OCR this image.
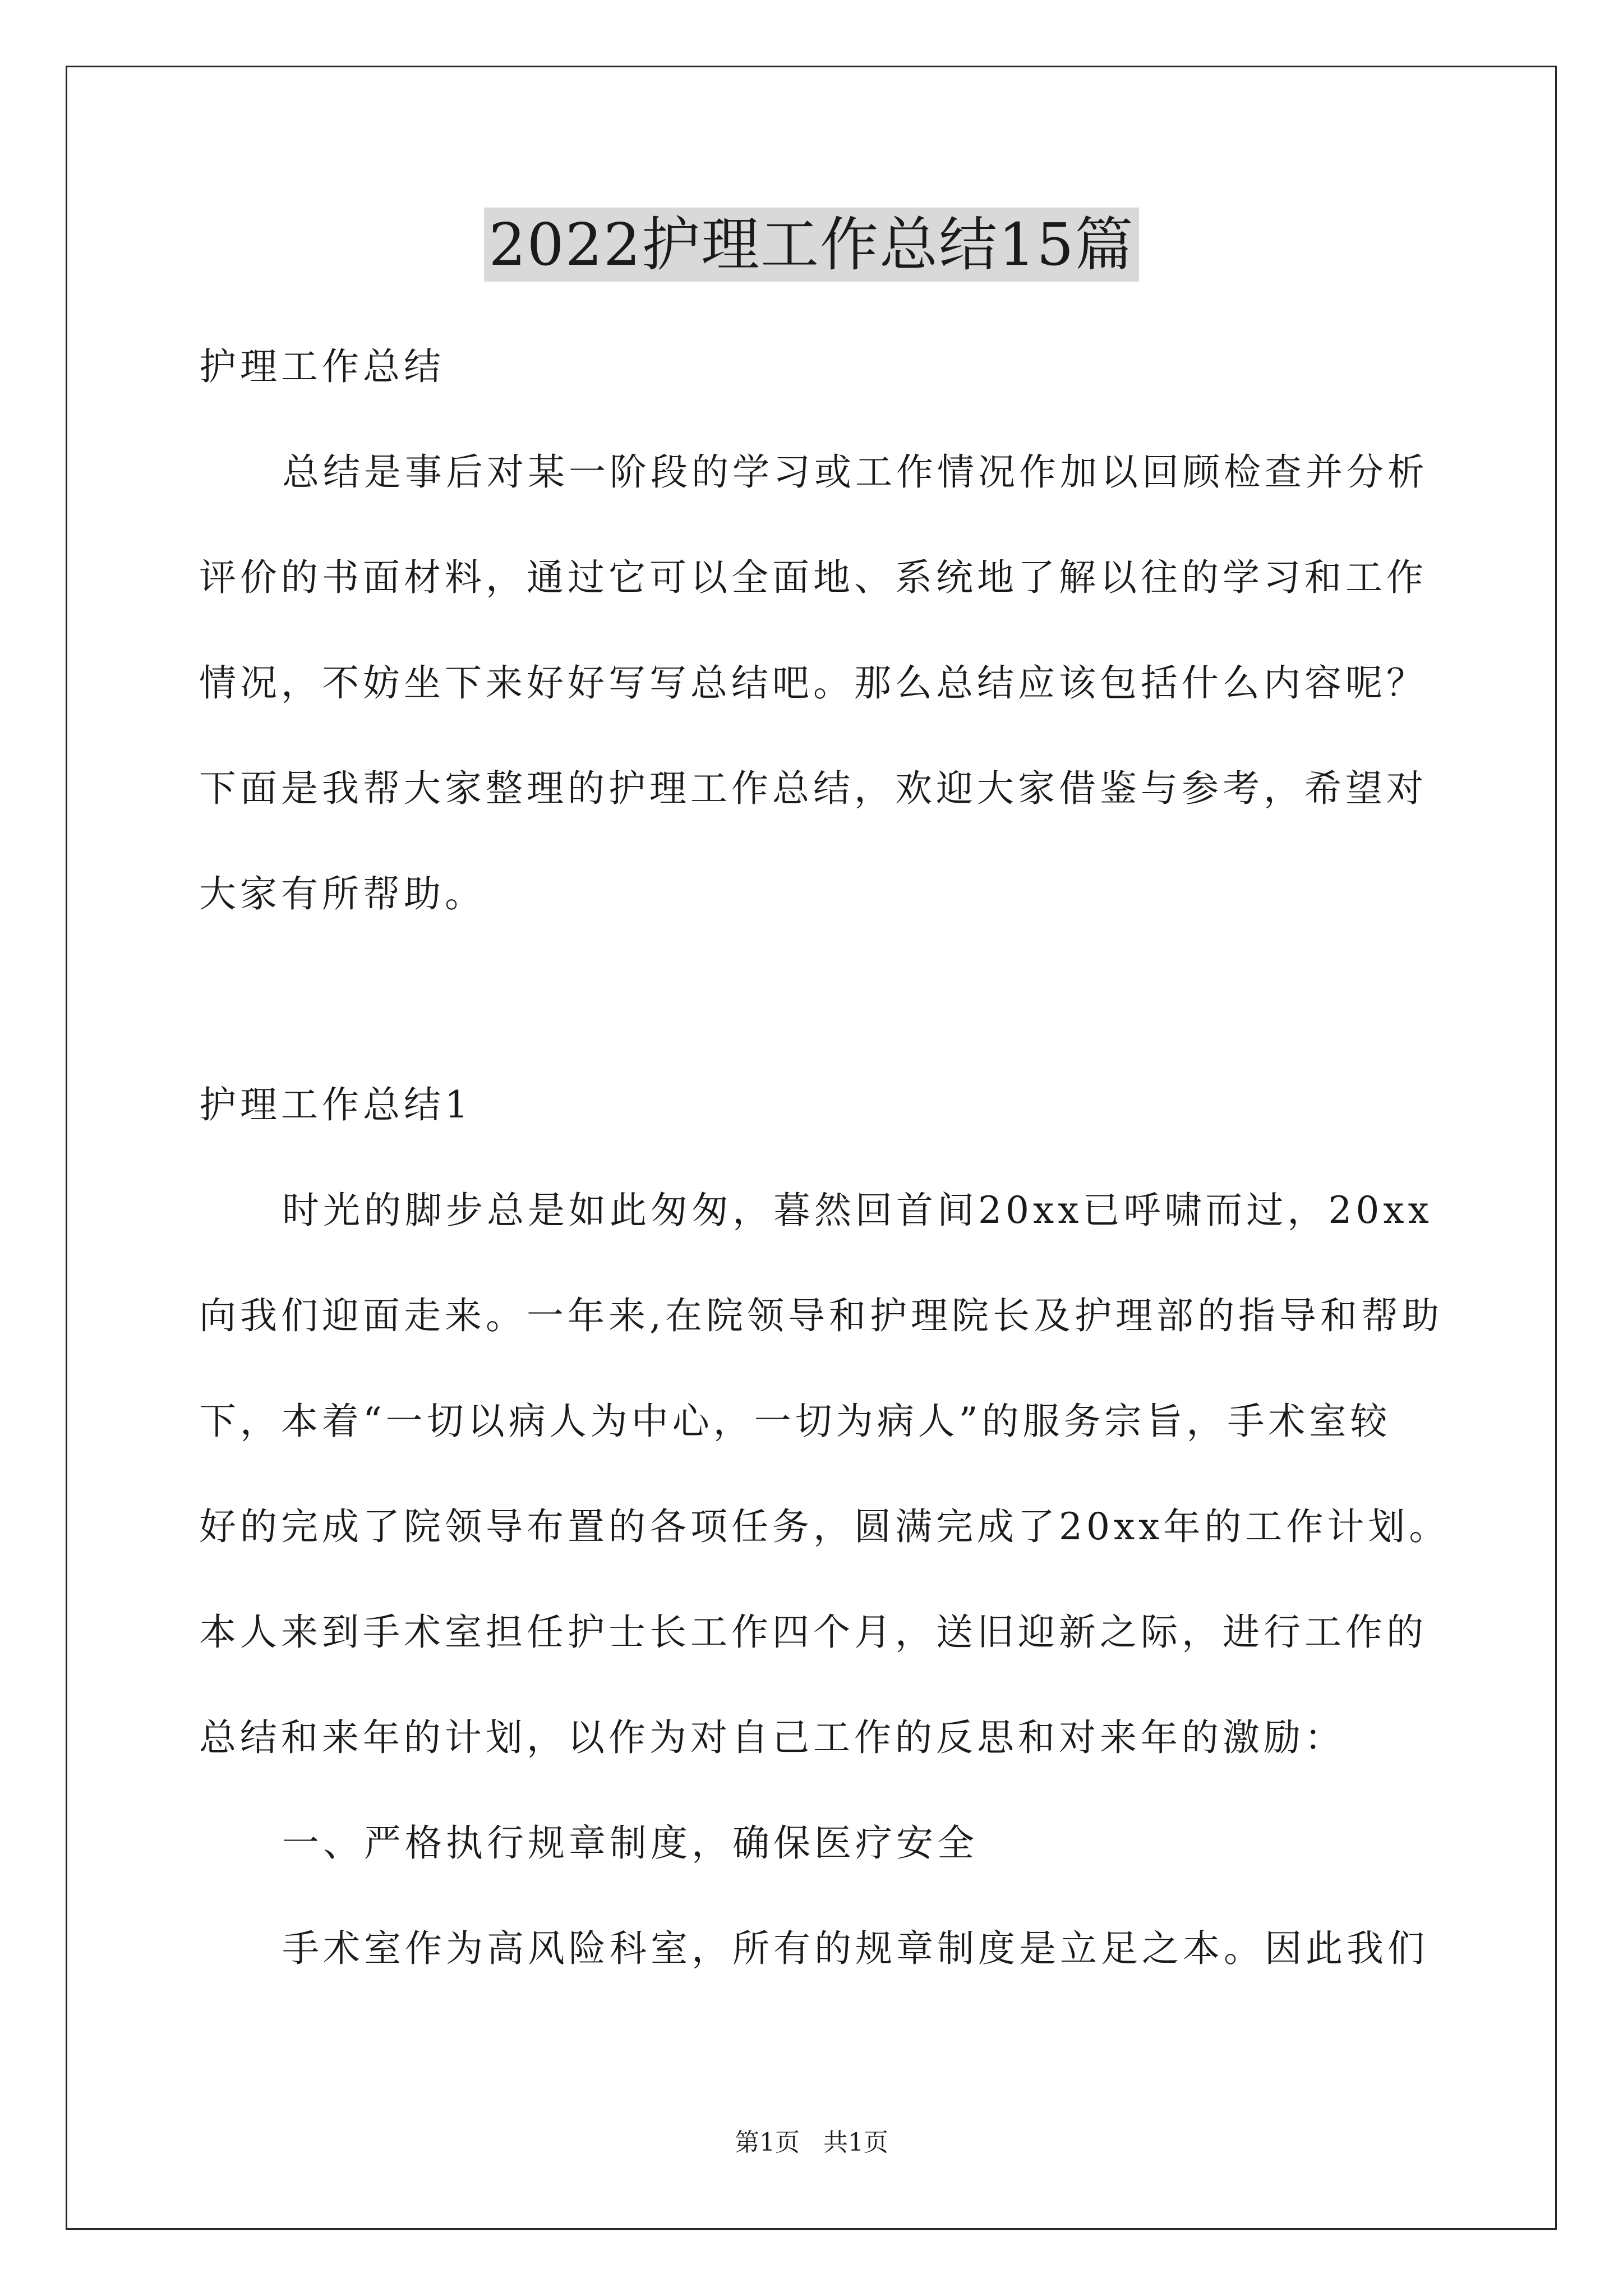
2022护理工作总结15篇
护理工作总结
总结是事后对某一阶段的学习或工作情况作加以回顾检查并分析
评价的书面材料，通过它可以全面地、系统地了解以往的学习和工作
情况，不妨坐下来好好写写总结吧。那么总结应该包括什么内容呢？
下面是我帮大家整理的护理工作总结，欢迎大家借鉴与参考，希望对
大家有所帮助。
护理工作总结1
时光的脚步总是如此匆匆，暮然回首间20xx已呼啸而过，20xx
向我们迎面走来。一年来,在院领导和护理院长及护理部的指导和帮助
下，本着“一切以病人为中心，一切为病人”的服务宗旨，手术室较
好的完成了院领导布置的各项任务，圆满完成了20xx年的工作计划。
本人来到手术室担任护士长工作四个月，送旧迎新之际，进行工作的
总结和来年的计划，以作为对自己工作的反思和对来年的激励：
一、严格执行规章制度，确保医疗安全
手术室作为高风险科室，所有的规章制度是立足之本。因此我们
第1页 共1页
